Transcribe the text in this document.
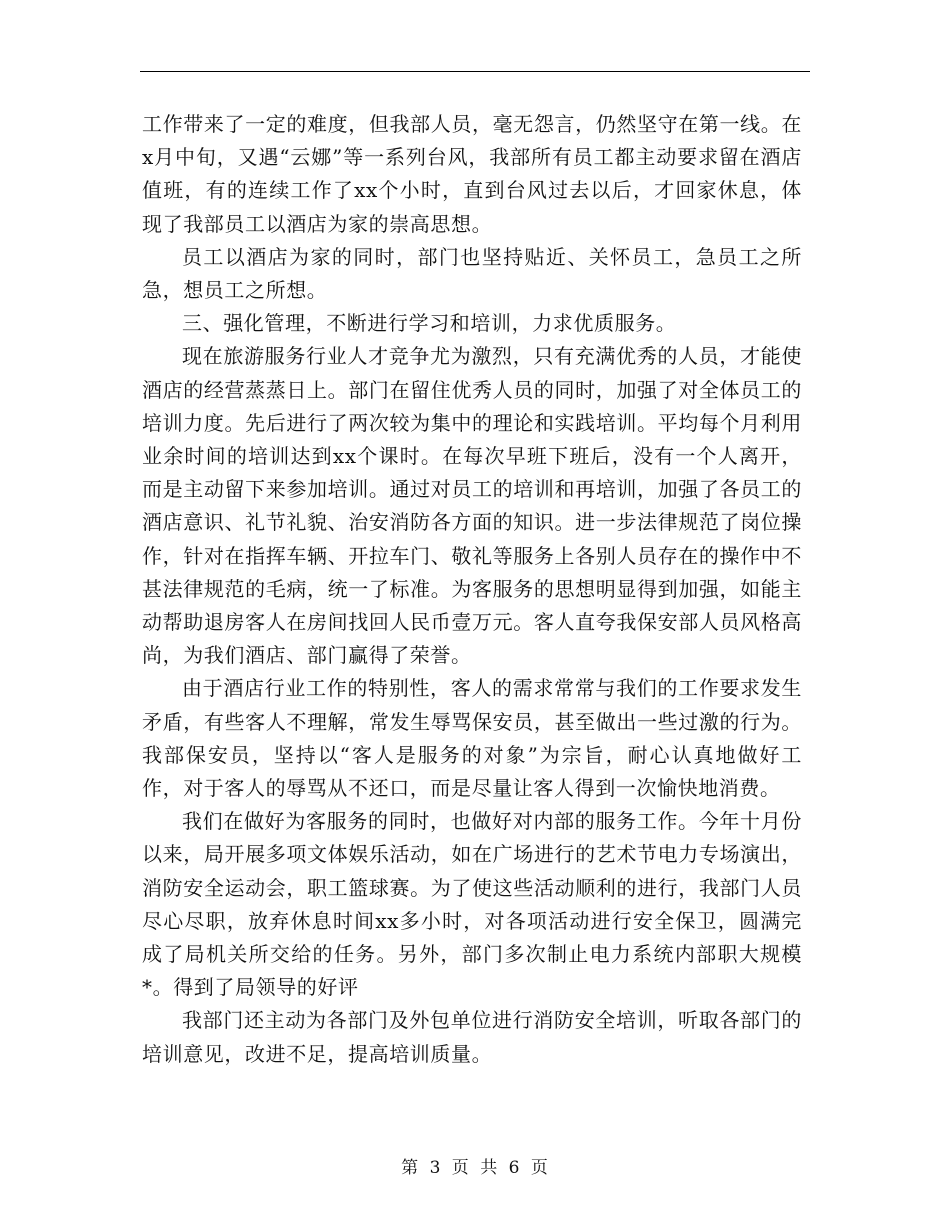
工作带来了一定的难度，但我部人员，毫无怨言，仍然坚守在第一线。在x月中旬，又遇“云娜”等一系列台风，我部所有员工都主动要求留在酒店值班，有的连续工作了xx个小时，直到台风过去以后，才回家休息，体现了我部员工以酒店为家的崇高思想。

员工以酒店为家的同时，部门也坚持贴近、关怀员工，急员工之所急，想员工之所想。

三、强化管理，不断进行学习和培训，力求优质服务。

现在旅游服务行业人才竞争尤为激烈，只有充满优秀的人员，才能使酒店的经营蒸蒸日上。部门在留住优秀人员的同时，加强了对全体员工的培训力度。先后进行了两次较为集中的理论和实践培训。平均每个月利用业余时间的培训达到xx个课时。在每次早班下班后，没有一个人离开，而是主动留下来参加培训。通过对员工的培训和再培训，加强了各员工的酒店意识、礼节礼貌、治安消防各方面的知识。进一步法律规范了岗位操作，针对在指挥车辆、开拉车门、敬礼等服务上各别人员存在的操作中不甚法律规范的毛病，统一了标准。为客服务的思想明显得到加强，如能主动帮助退房客人在房间找回人民币壹万元。客人直夸我保安部人员风格高尚，为我们酒店、部门赢得了荣誉。

由于酒店行业工作的特别性，客人的需求常常与我们的工作要求发生矛盾，有些客人不理解，常发生辱骂保安员，甚至做出一些过激的行为。我部保安员，坚持以“客人是服务的对象”为宗旨，耐心认真地做好工作，对于客人的辱骂从不还口，而是尽量让客人得到一次愉快地消费。

我们在做好为客服务的同时，也做好对内部的服务工作。今年十月份以来，局开展多项文体娱乐活动，如在广场进行的艺术节电力专场演出，消防安全运动会，职工篮球赛。为了使这些活动顺利的进行，我部门人员尽心尽职，放弃休息时间xx多小时，对各项活动进行安全保卫，圆满完成了局机关所交给的任务。另外，部门多次制止电力系统内部职大规模*。得到了局领导的好评

我部门还主动为各部门及外包单位进行消防安全培训，听取各部门的培训意见，改进不足，提高培训质量。

第 3 页 共 6 页
